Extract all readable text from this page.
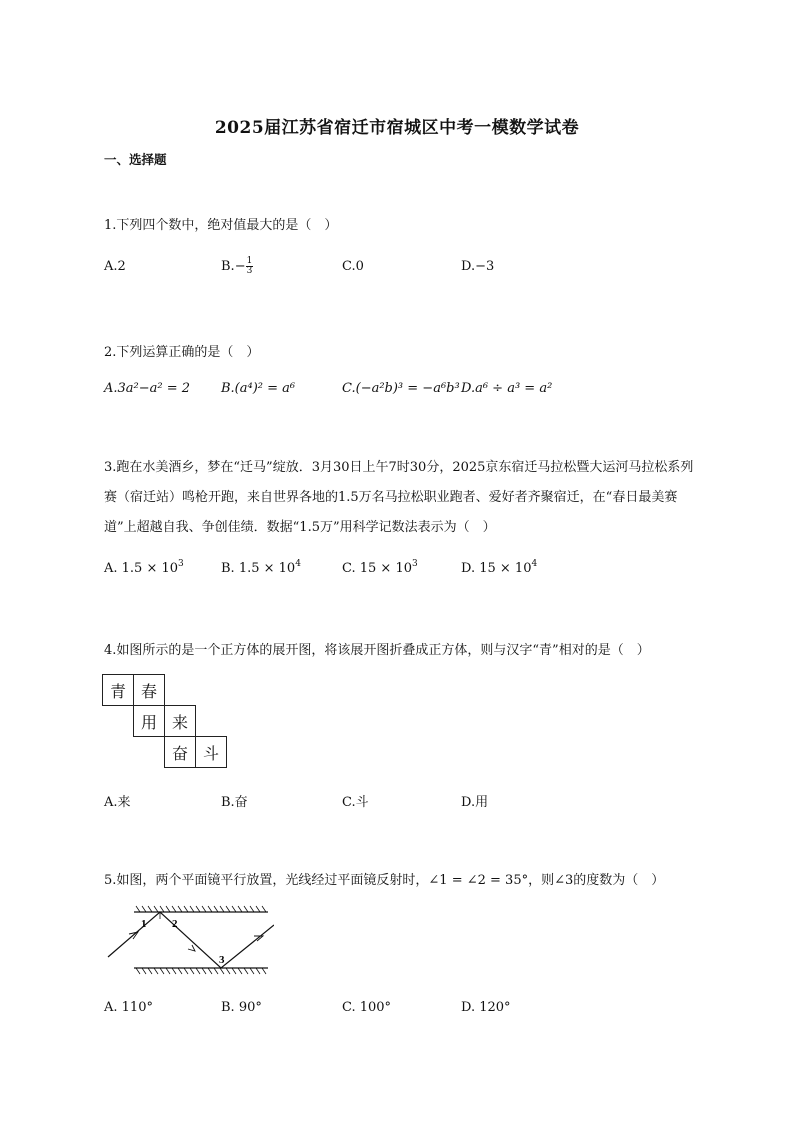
2025届江苏省宿迁市宿城区中考一模数学试卷
一、选择题
1.下列四个数中，绝对值最大的是（　）
A.2	$B.- \frac{1}{3}$	C.0	D.−3
2.下列运算正确的是（　）
A.3a²−a² = 2 B.(a⁴)² = a⁶	C.(−a²b)³ = −a⁶b³ D.a⁶ ÷ a³ = a²
3.跑在水美酒乡，梦在“迁马”绽放．3月30日上午7时30分，2025京东宿迁马拉松暨大运河马拉松系列赛（宿迁站）鸣枪开跑，来自世界各地的1.5万名马拉松职业跑者、爱好者齐聚宿迁，在“春日最美赛道”上超越自我、争创佳绩．数据“1.5万”用科学记数法表示为（　）
A. $1.5 \times 10^3$	B. $1.5 \times 10^4$	C. $15 \times 10^3$	D. $15 \times 10^4$
4.如图所示的是一个正方体的展开图，将该展开图折叠成正方体，则与汉字“青”相对的是（　）
青 春
用 来
奋 斗
A.来	B.奋	C.斗	D.用
5.如图，两个平面镜平行放置，光线经过平面镜反射时，∠1 = ∠2 = 35°，则∠3的度数为（　）
1 2
3
A. 110°	B. 90°	C. 100°	D. 120°
